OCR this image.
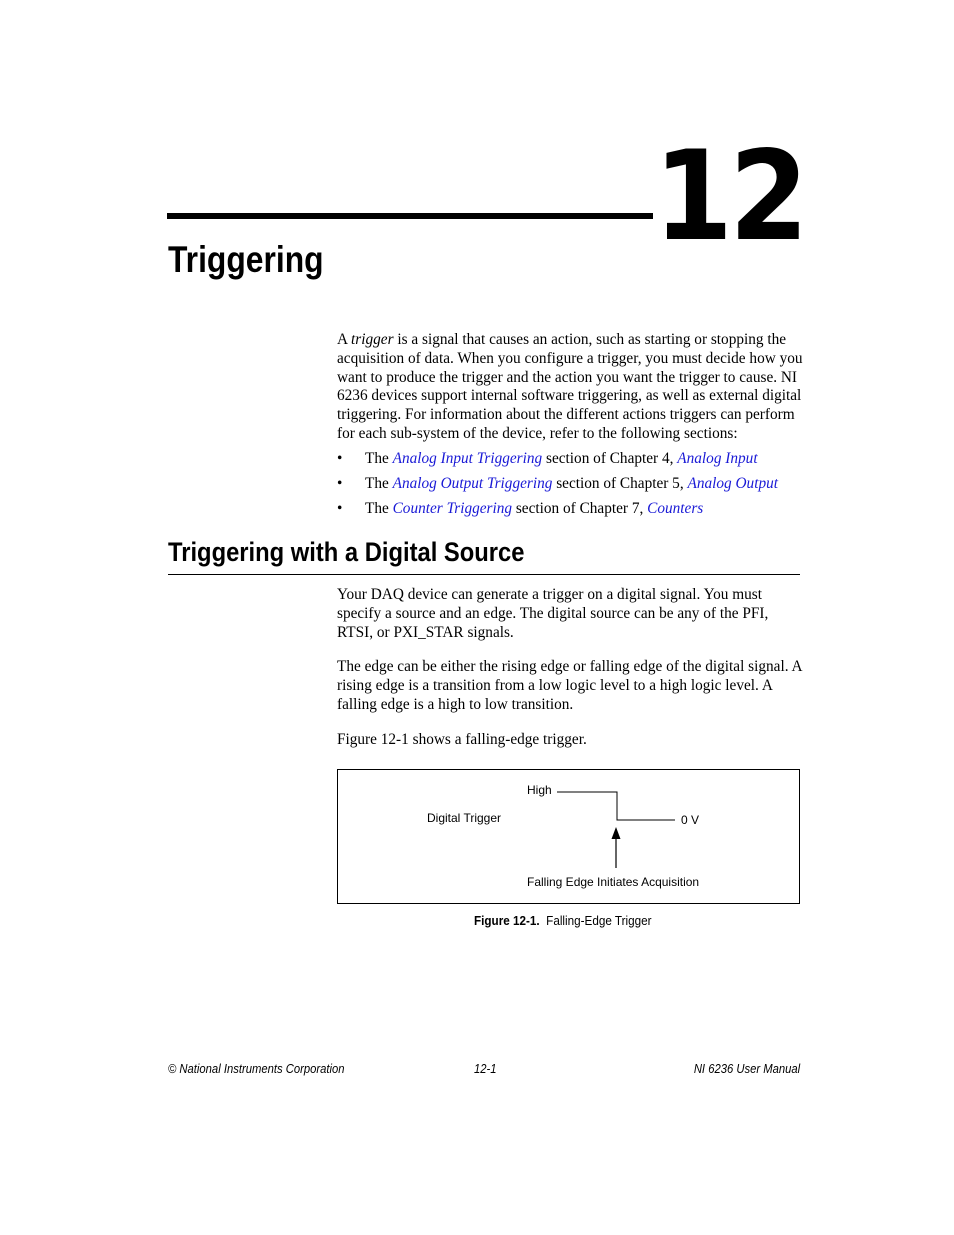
12
Triggering

A trigger is a signal that causes an action, such as starting or stopping the acquisition of data. When you configure a trigger, you must decide how you want to produce the trigger and the action you want the trigger to cause. NI 6236 devices support internal software triggering, as well as external digital triggering. For information about the different actions triggers can perform for each sub-system of the device, refer to the following sections:

• The Analog Input Triggering section of Chapter 4, Analog Input
• The Analog Output Triggering section of Chapter 5, Analog Output
• The Counter Triggering section of Chapter 7, Counters
Triggering with a Digital Source

Your DAQ device can generate a trigger on a digital signal. You must specify a source and an edge. The digital source can be any of the PFI, RTSI, or PXI_STAR signals.

The edge can be either the rising edge or falling edge of the digital signal. A rising edge is a transition from a low logic level to a high logic level. A falling edge is a high to low transition.

Figure 12-1 shows a falling-edge trigger.

High
Digital Trigger	0 V
Falling Edge Initiates Acquisition
Figure 12-1. Falling-Edge Trigger
© National Instruments Corporation	12-1	NI 6236 User Manual
